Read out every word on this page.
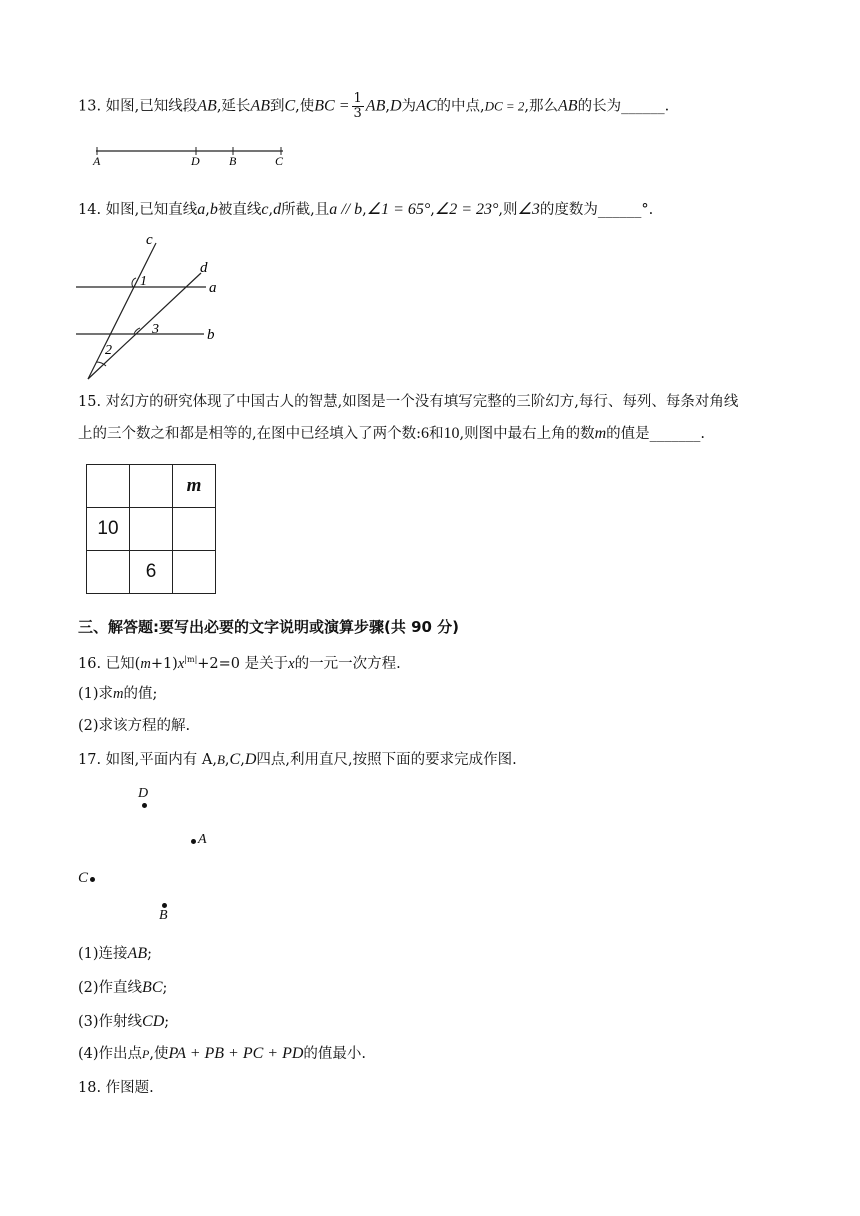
13. 如图,已知线段AB,延长AB到C,使BC = $\frac{1}{3} AB,D$为AC的中点,DC = 2,那么AB的长为______.
A	D B	C
14. 如图,已知直线a,b被直线c,d所截,且a // b,∠1 = 65°,∠2 = 23°,则∠3的度数为______°.
c
d
1	a
3	b
2
15. 对幻方的研究体现了中国古人的智慧,如图是一个没有填写完整的三阶幻方,每行、每列、每条对角线
上的三个数之和都是相等的,在图中已经填入了两个数:6和10,则图中最右上角的数m的值是_______.
		m
10		
	6	
三、解答题:要写出必要的文字说明或演算步骤(共 90 分)
16. 已知$(m+1)x^{|m|}+2=0$ 是关于x的一元一次方程.
(1)求m的值;
(2)求该方程的解.
17. 如图,平面内有 A,B,C,D四点,利用直尺,按照下面的要求完成作图.
D
A
C
B
(1)连接AB;
(2)作直线BC;
(3)作射线CD;
(4)作出点P,使PA + PB + PC + PD的值最小.
18. 作图题.
